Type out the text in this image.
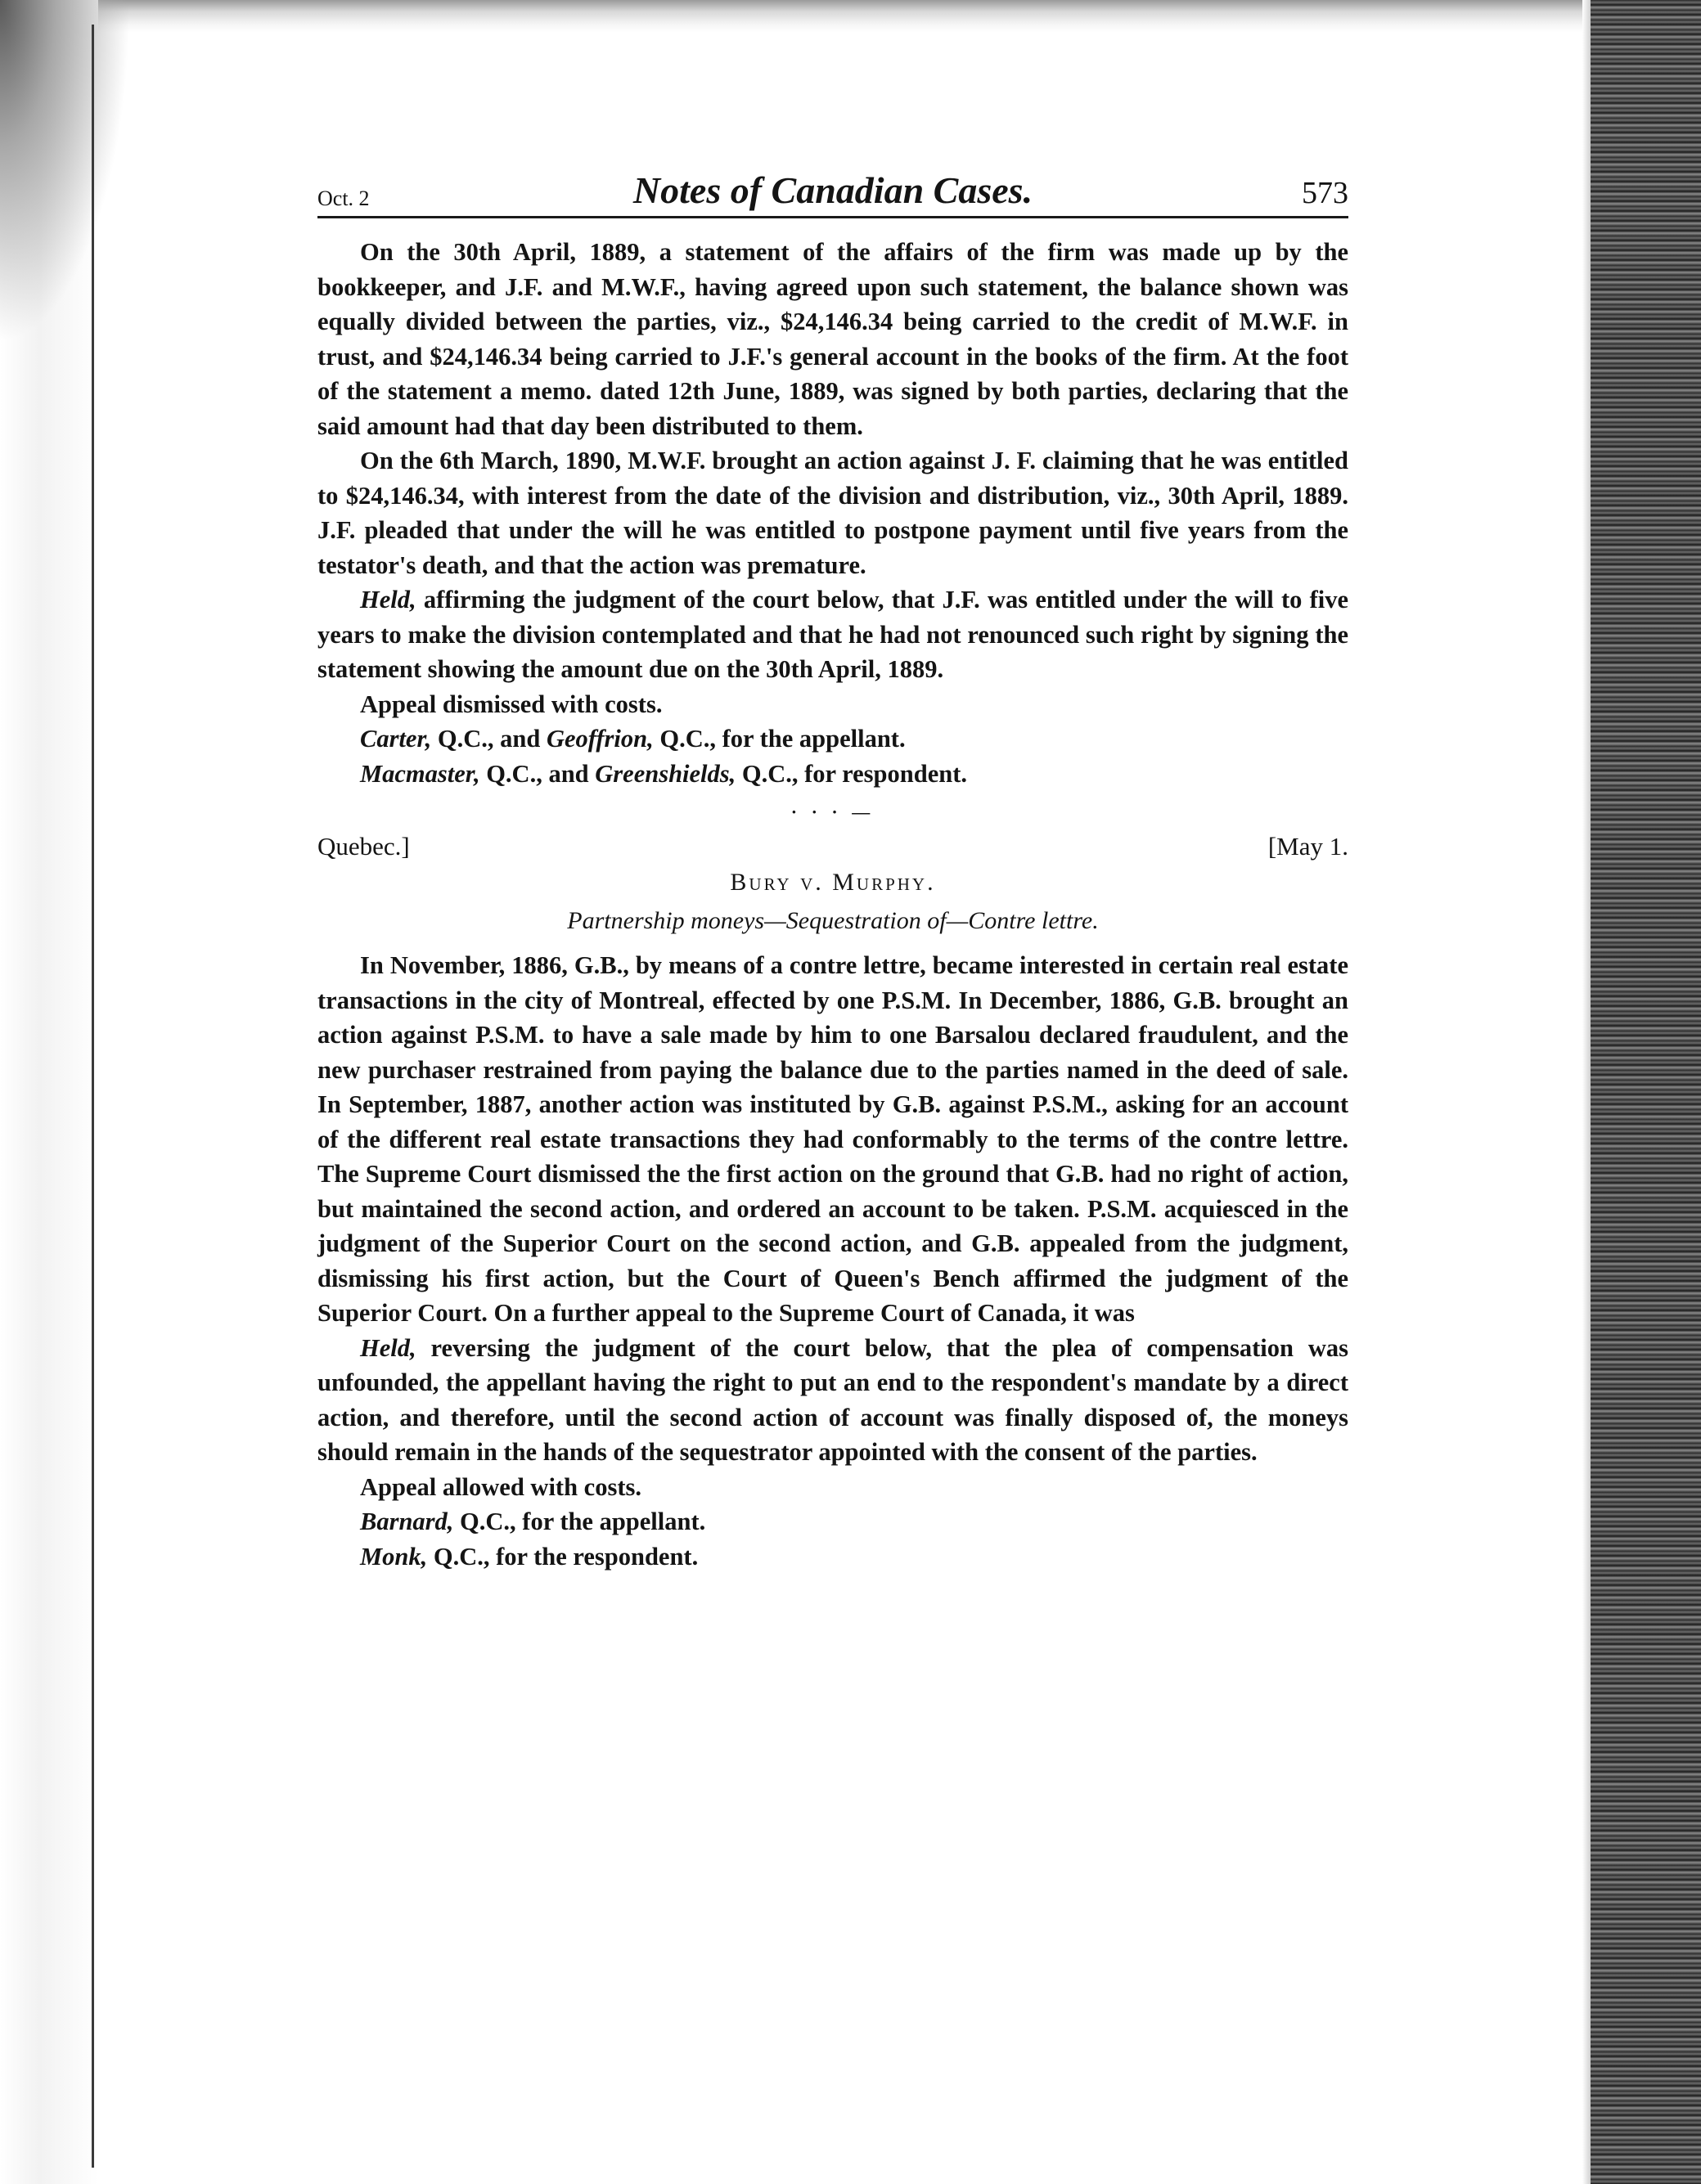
Oct. 2	Notes of Canadian Cases.	573

On the 30th April, 1889, a statement of the affairs of the firm was made up by the bookkeeper, and J.F. and M.W.F., having agreed upon such statement, the balance shown was equally divided between the parties, viz., $24,146.34 being carried to the credit of M.W.F. in trust, and $24,146.34 being carried to J.F.'s general account in the books of the firm. At the foot of the statement a memo. dated 12th June, 1889, was signed by both parties, declaring that the said amount had that day been distributed to them.

On the 6th March, 1890, M.W.F. brought an action against J. F. claiming that he was entitled to $24,146.34, with interest from the date of the division and distribution, viz., 30th April, 1889. J.F. pleaded that under the will he was entitled to postpone payment until five years from the testator's death, and that the action was premature.

Held, affirming the judgment of the court below, that J.F. was entitled under the will to five years to make the division contemplated and that he had not renounced such right by signing the statement showing the amount due on the 30th April, 1889.

Appeal dismissed with costs.

Carter, Q.C., and Geoffrion, Q.C., for the appellant.

Macmaster, Q.C., and Greenshields, Q.C., for respondent.

· · · —
Quebec.]	[May 1.
Bury v. Murphy.
Partnership moneys—Sequestration of—Contre lettre.

In November, 1886, G.B., by means of a contre lettre, became interested in certain real estate transactions in the city of Montreal, effected by one P.S.M. In December, 1886, G.B. brought an action against P.S.M. to have a sale made by him to one Barsalou declared fraudulent, and the new purchaser restrained from paying the balance due to the parties named in the deed of sale. In September, 1887, another action was instituted by G.B. against P.S.M., asking for an account of the different real estate transactions they had conformably to the terms of the contre lettre. The Supreme Court dismissed the the first action on the ground that G.B. had no right of action, but maintained the second action, and ordered an account to be taken. P.S.M. acquiesced in the judgment of the Superior Court on the second action, and G.B. appealed from the judgment, dismissing his first action, but the Court of Queen's Bench affirmed the judgment of the Superior Court. On a further appeal to the Supreme Court of Canada, it was

Held, reversing the judgment of the court below, that the plea of compensation was unfounded, the appellant having the right to put an end to the respondent's mandate by a direct action, and therefore, until the second action of account was finally disposed of, the moneys should remain in the hands of the sequestrator appointed with the consent of the parties.

Appeal allowed with costs.

Barnard, Q.C., for the appellant.

Monk, Q.C., for the respondent.
